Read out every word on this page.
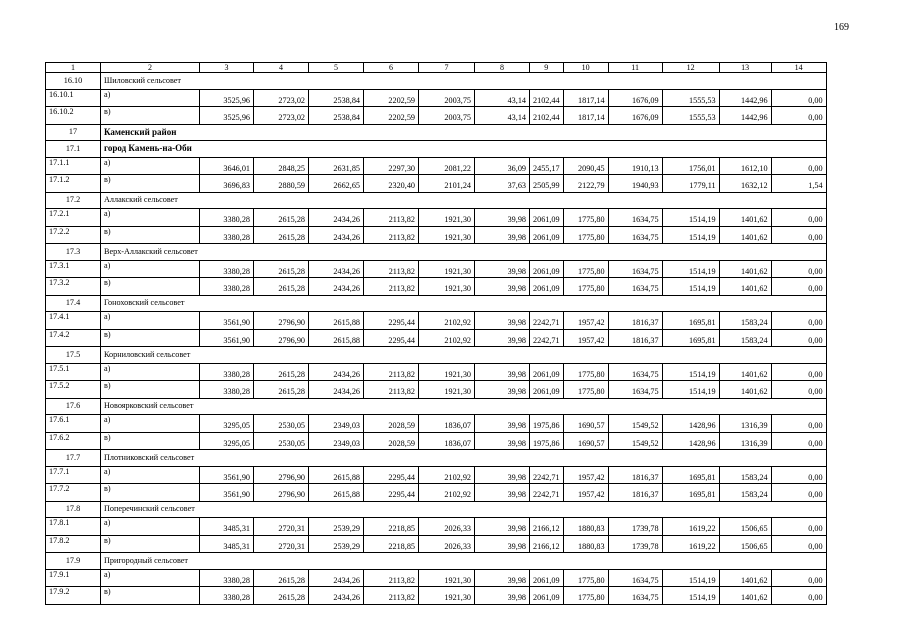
169
1	2	3	4	5	6	7	8	9	10	11	12	13	14
16.10	Шиловский сельсовет												
16.10.1	а)	3525,96	2723,02	2538,84	2202,59	2003,75	43,14	2102,44	1817,14	1676,09	1555,53	1442,96	0,00
16.10.2	в)	3525,96	2723,02	2538,84	2202,59	2003,75	43,14	2102,44	1817,14	1676,09	1555,53	1442,96	0,00
17	Каменский район												
17.1	город Камень-на-Оби												
17.1.1	а)	3646,01	2848,25	2631,85	2297,30	2081,22	36,09	2455,17	2090,45	1910,13	1756,01	1612,10	0,00
17.1.2	в)	3696,83	2880,59	2662,65	2320,40	2101,24	37,63	2505,99	2122,79	1940,93	1779,11	1632,12	1,54
17.2	Аллакский сельсовет												
17.2.1	а)	3380,28	2615,28	2434,26	2113,82	1921,30	39,98	2061,09	1775,80	1634,75	1514,19	1401,62	0,00
17.2.2	в)	3380,28	2615,28	2434,26	2113,82	1921,30	39,98	2061,09	1775,80	1634,75	1514,19	1401,62	0,00
17.3	Верх-Аллакский сельсовет												
17.3.1	а)	3380,28	2615,28	2434,26	2113,82	1921,30	39,98	2061,09	1775,80	1634,75	1514,19	1401,62	0,00
17.3.2	в)	3380,28	2615,28	2434,26	2113,82	1921,30	39,98	2061,09	1775,80	1634,75	1514,19	1401,62	0,00
17.4	Гоноховский сельсовет												
17.4.1	а)	3561,90	2796,90	2615,88	2295,44	2102,92	39,98	2242,71	1957,42	1816,37	1695,81	1583,24	0,00
17.4.2	в)	3561,90	2796,90	2615,88	2295,44	2102,92	39,98	2242,71	1957,42	1816,37	1695,81	1583,24	0,00
17.5	Корниловский сельсовет												
17.5.1	а)	3380,28	2615,28	2434,26	2113,82	1921,30	39,98	2061,09	1775,80	1634,75	1514,19	1401,62	0,00
17.5.2	в)	3380,28	2615,28	2434,26	2113,82	1921,30	39,98	2061,09	1775,80	1634,75	1514,19	1401,62	0,00
17.6	Новоярковский сельсовет												
17.6.1	а)	3295,05	2530,05	2349,03	2028,59	1836,07	39,98	1975,86	1690,57	1549,52	1428,96	1316,39	0,00
17.6.2	в)	3295,05	2530,05	2349,03	2028,59	1836,07	39,98	1975,86	1690,57	1549,52	1428,96	1316,39	0,00
17.7	Плотниковский сельсовет												
17.7.1	а)	3561,90	2796,90	2615,88	2295,44	2102,92	39,98	2242,71	1957,42	1816,37	1695,81	1583,24	0,00
17.7.2	в)	3561,90	2796,90	2615,88	2295,44	2102,92	39,98	2242,71	1957,42	1816,37	1695,81	1583,24	0,00
17.8	Поперечинский сельсовет												
17.8.1	а)	3485,31	2720,31	2539,29	2218,85	2026,33	39,98	2166,12	1880,83	1739,78	1619,22	1506,65	0,00
17.8.2	в)	3485,31	2720,31	2539,29	2218,85	2026,33	39,98	2166,12	1880,83	1739,78	1619,22	1506,65	0,00
17.9	Пригородный сельсовет												
17.9.1	а)	3380,28	2615,28	2434,26	2113,82	1921,30	39,98	2061,09	1775,80	1634,75	1514,19	1401,62	0,00
17.9.2	в)	3380,28	2615,28	2434,26	2113,82	1921,30	39,98	2061,09	1775,80	1634,75	1514,19	1401,62	0,00
